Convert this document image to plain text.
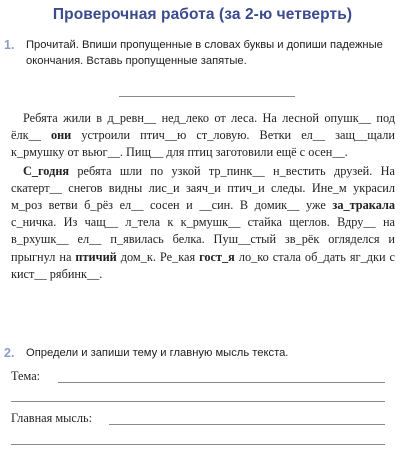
Проверочная работа (за 2-ю четверть)
1. Прочитай. Впиши пропущенные в словах буквы и допиши падежные окончания. Вставь пропущенные запятые.

Ребята жили в д_ревн__ нед_леко от леса. На лесной опушк__ под ёлк__ они устроили птич__ю ст_ловую. Ветки ел__ защ__щали к_рмушку от вьюг__. Пищ__ для птиц заготовили ещё с осен__.

С_годня ребята шли по узкой тр_пинк__ н_вестить друзей. На скатерт__ снегов видны лис_и заяч_и птич_и следы. Ине_м украсил м_роз ветви б_рёз ел__ сосен и __син. В домик__ уже за_тракала с_ничка. Из чащ__ л_тела к к_рмушк__ стайка щеглов. Вдру__ на в_рхушк__ ел__ п_явилась белка. Пуш__стый зв_рёк огляделся и прыгнул на птичий дом_к. Ре_кая гост_я ло_ко стала об_дать яг_дки с кист__ рябинк__.

2. Определи и запиши тему и главную мысль текста.
Тема:
Главная мысль:
